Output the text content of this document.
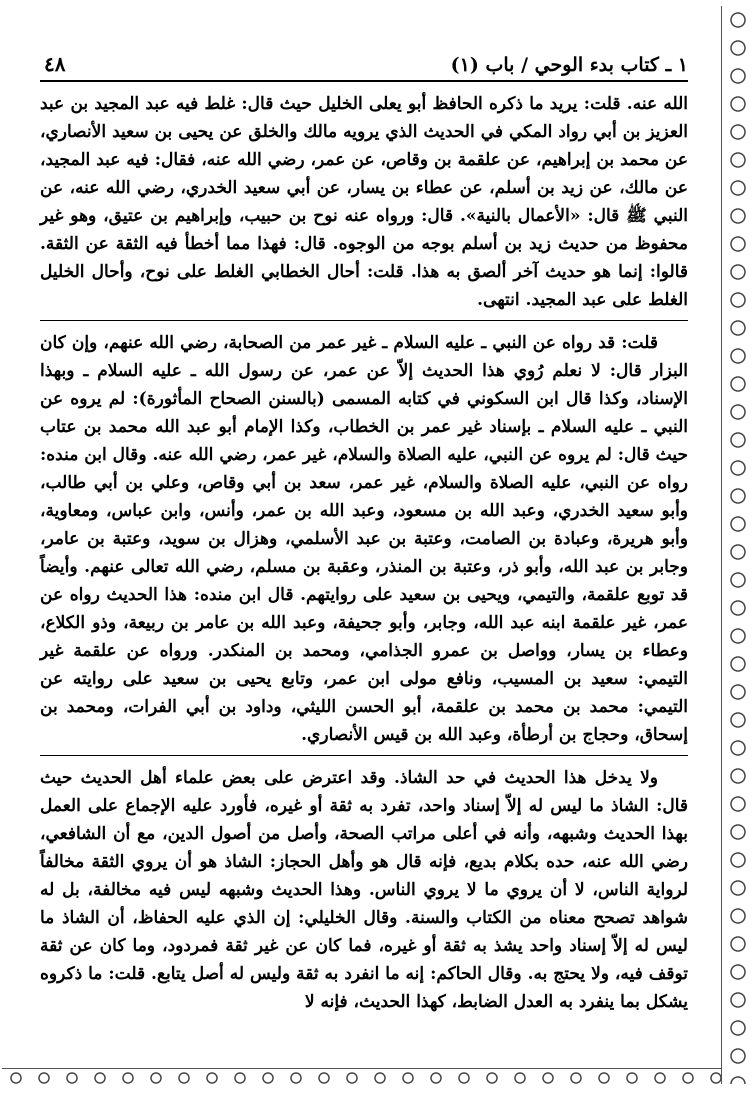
١ ـ كتاب بدء الوحي / باب (١)
٤٨

الله عنه. قلت: يريد ما ذكره الحافظ أبو يعلى الخليل حيث قال: غلط فيه عبد المجيد بن عبد العزيز بن أبي رواد المكي في الحديث الذي يرويه مالك والخلق عن يحيى بن سعيد الأنصاري، عن محمد بن إبراهيم، عن علقمة بن وقاص، عن عمر، رضي الله عنه، فقال: فيه عبد المجيد، عن مالك، عن زيد بن أسلم، عن عطاء بن يسار، عن أبي سعيد الخدري، رضي الله عنه، عن النبي ﷺ قال: «الأعمال بالنية». قال: ورواه عنه نوح بن حبيب، وإبراهيم بن عتيق، وهو غير محفوظ من حديث زيد بن أسلم بوجه من الوجوه. قال: فهذا مما أخطأ فيه الثقة عن الثقة. قالوا: إنما هو حديث آخر ألصق به هذا. قلت: أحال الخطابي الغلط على نوح، وأحال الخليل الغلط على عبد المجيد. انتهى.

قلت: قد رواه عن النبي ـ عليه السلام ـ غير عمر من الصحابة، رضي الله عنهم، وإن كان البزار قال: لا نعلم رُوي هذا الحديث إلاّ عن عمر، عن رسول الله ـ عليه السلام ـ وبهذا الإسناد، وكذا قال ابن السكوني في كتابه المسمى (بالسنن الصحاح المأثورة): لم يروه عن النبي ـ عليه السلام ـ بإسناد غير عمر بن الخطاب، وكذا الإمام أبو عبد الله محمد بن عتاب حيث قال: لم يروه عن النبي، عليه الصلاة والسلام، غير عمر، رضي الله عنه. وقال ابن منده: رواه عن النبي، عليه الصلاة والسلام، غير عمر، سعد بن أبي وقاص، وعلي بن أبي طالب، وأبو سعيد الخدري، وعبد الله بن مسعود، وعبد الله بن عمر، وأنس، وابن عباس، ومعاوية، وأبو هريرة، وعبادة بن الصامت، وعتبة بن عبد الأسلمي، وهزال بن سويد، وعتبة بن عامر، وجابر بن عبد الله، وأبو ذر، وعتبة بن المنذر، وعقبة بن مسلم، رضي الله تعالى عنهم. وأيضاً قد توبع علقمة، والتيمي، ويحيى بن سعيد على روايتهم. قال ابن منده: هذا الحديث رواه عن عمر، غير علقمة ابنه عبد الله، وجابر، وأبو جحيفة، وعبد الله بن عامر بن ربيعة، وذو الكلاع، وعطاء بن يسار، وواصل بن عمرو الجذامي، ومحمد بن المنكدر. ورواه عن علقمة غير التيمي: سعيد بن المسيب، ونافع مولى ابن عمر، وتابع يحيى بن سعيد على روايته عن التيمي: محمد بن محمد بن علقمة، أبو الحسن الليثي، وداود بن أبي الفرات، ومحمد بن إسحاق، وحجاج بن أرطأة، وعبد الله بن قيس الأنصاري.

ولا يدخل هذا الحديث في حد الشاذ. وقد اعترض على بعض علماء أهل الحديث حيث قال: الشاذ ما ليس له إلاّ إسناد واحد، تفرد به ثقة أو غيره، فأورد عليه الإجماع على العمل بهذا الحديث وشبهه، وأنه في أعلى مراتب الصحة، وأصل من أصول الدين، مع أن الشافعي، رضي الله عنه، حده بكلام بديع، فإنه قال هو وأهل الحجاز: الشاذ هو أن يروي الثقة مخالفاً لرواية الناس، لا أن يروي ما لا يروي الناس. وهذا الحديث وشبهه ليس فيه مخالفة، بل له شواهد تصحح معناه من الكتاب والسنة. وقال الخليلي: إن الذي عليه الحفاظ، أن الشاذ ما ليس له إلاّ إسناد واحد يشذ به ثقة أو غيره، فما كان عن غير ثقة فمردود، وما كان عن ثقة توقف فيه، ولا يحتج به. وقال الحاكم: إنه ما انفرد به ثقة وليس له أصل يتابع. قلت: ما ذكروه يشكل بما ينفرد به العدل الضابط، كهذا الحديث، فإنه لا
